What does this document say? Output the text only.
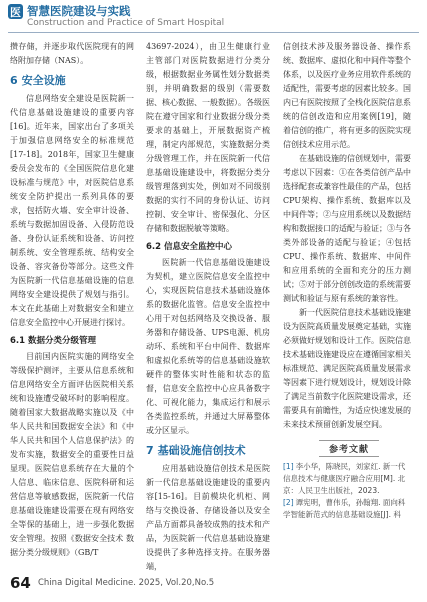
医 智慧医院建设与实践
Construction and Practice of Smart Hospital

攒存储，并逐步取代医院现有的网络附加存储（NAS）。

6 安全设施

信息网络安全建设是医院新一代信息基础设施建设的重要内容[16]。近年来，国家出台了多项关于加强信息网络安全的标准规范[17-18]。2018年，国家卫生健康委员会发布的《全国医院信息化建设标准与规范》中，对医院信息系统安全防护提出一系列具体的要求，包括防火墙、安全审计设备、系统与数据加固设备、入侵防范设备、身份认证系统和设备、访问控制系统、安全管理系统、结构安全设备、容灾备份等部分。这些文件为医院新一代信息基础设施的信息网络安全建设提供了规划与指引。本文在此基础上对数据安全和建立信息安全监控中心开展进行探讨。

6.1 数据分类分级管理

目前国内医院实施的网络安全等级保护测评，主要从信息系统和信息网络安全方面评估医院相关系统和设施遭受破坏时的影响程度。随着国家大数据战略实施以及《中华人民共和国数据安全法》和《中华人民共和国个人信息保护法》的发布实施，数据安全的重要性日益显现。医院信息系统存在大量的个人信息、临床信息、医院科研和运营信息等敏感数据，医院新一代信息基础设施建设需要在现有网络安全等保的基础上，进一步强化数据安全管理。按照《数据安全技术 数据分类分级规则》（GB/T

43697-2024），由卫生健康行业主管部门对医院数据进行分类分级，根据数据业务属性划分数据类别，并明确数据的级别（需要数据、核心数据、一般数据）。各级医院在遵守国家和行业数据分级分类要求的基础上，开展数据资产梳理，制定内部规范，实施数据分类分级管理工作，并在医院新一代信息基础设施建设中，将数据分类分级管理落到实处，例如对不同级别数据的实行不同的身份认证、访问控制、安全审计、密保强化、分区存储和数据脱敏等策略。

6.2 信息安全监控中心

医院新一代信息基础设施建设为契机，建立医院信息安全监控中心，实现医院信息技术基础设施体系的数据化监管。信息安全监控中心用于对包括网络及交换设备、服务器和存储设备、UPS电源、机房动环、系统和平台中间件、数据库和虚拟化系统等的信息基础设施软硬件的整体实时性能和状态的监督，信息安全监控中心应具备数字化、可视化能力，集成运行和展示各类监控系统，并通过大屏幕整体或分区显示。

7 基础设施信创技术

应用基础设施信创技术是医院新一代信息基础设施建设的重要内容[15-16]。目前模块化机柜、网络与交换设备、存储设备以及安全产品方面都具备较成熟的技术和产品，为医院新一代信息基础设施建设提供了多种选择支持。在服务器端，

信创技术涉及服务器设备、操作系统、数据库、虚拟化和中间件等整个体系，以及医疗业务应用软件系统的适配性，需要考虑的因素比较多。国内已有医院按照了全栈化医院信息系统的信创改造和应用案例[19]，随着信创的推广，将有更多的医院实现信创技术应用示范。

在基础设施的信创规划中，需要考虑以下因素：①在各类信创产品中选择配套或兼容性最佳的产品，包括CPU架构、操作系统、数据库以及中间件等；②与应用系统以及数据结构和数据接口的适配与验证；③与各类外部设备的适配与验证；④包括CPU、操作系统、数据库、中间件和应用系统的全面和充分的压力测试；⑤对于部分创创改造的系统需要测试和验证与原有系统的兼容性。

新一代医院信息技术基础设施建设为医院高质量发展奠定基础，实施必须做好规划和设计工作。医院信息技术基础设施建设应在遵循国家相关标准规范、满足医院高质量发展需求等因素下进行规划设计，规划设计除了满足当前数字化医院建设需求，还需要具有前瞻性，为适应快速发展的未来技术预留创新发展空间。

参考文献

[1] 李小华，陈晓民，刘家红. 新一代信息技术与健康医疗融合应用[M]. 北京：人民卫生出版社，2023.

[2] 谭宪明，曹伟乐，孙翰翔. 面向科学智能新范式的信息基础设施[J]. 科

64 China Digital Medicine. 2025, Vol.20,No.5
